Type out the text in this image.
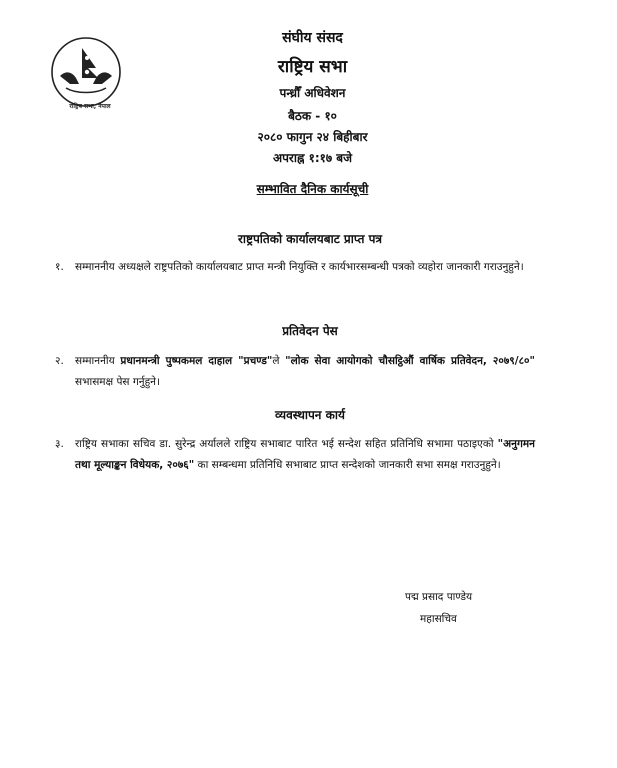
राष्ट्रिय सभा, नेपाल
संघीय संसद
राष्ट्रिय सभा
पन्ध्रौँ अधिवेशन
बैठक - १०
२०८० फागुन २४ बिहीबार
अपराह्न १:१७ बजे
सम्भावित दैनिक कार्यसूची
राष्ट्रपतिको कार्यालयबाट प्राप्त पत्र
१.	सम्माननीय अध्यक्षले राष्ट्रपतिको कार्यालयबाट प्राप्त मन्त्री नियुक्ति र कार्यभारसम्बन्धी पत्रको व्यहोरा जानकारी गराउनुहुने।
प्रतिवेदन पेस
२.	सम्माननीय प्रधानमन्त्री पुष्पकमल दाहाल "प्रचण्ड"ले "लोक सेवा आयोगको चौसट्ठिऔं वार्षिक प्रतिवेदन, २०७९/८०" सभासमक्ष पेस गर्नुहुने।
व्यवस्थापन कार्य
३.	राष्ट्रिय सभाका सचिव डा. सुरेन्द्र अर्यालले राष्ट्रिय सभाबाट पारित भई सन्देश सहित प्रतिनिधि सभामा पठाइएको "अनुगमन तथा मूल्याङ्कन विधेयक, २०७६" का सम्बन्धमा प्रतिनिधि सभाबाट प्राप्त सन्देशको जानकारी सभा समक्ष गराउनुहुने।
पद्म प्रसाद पाण्डेय
महासचिव
